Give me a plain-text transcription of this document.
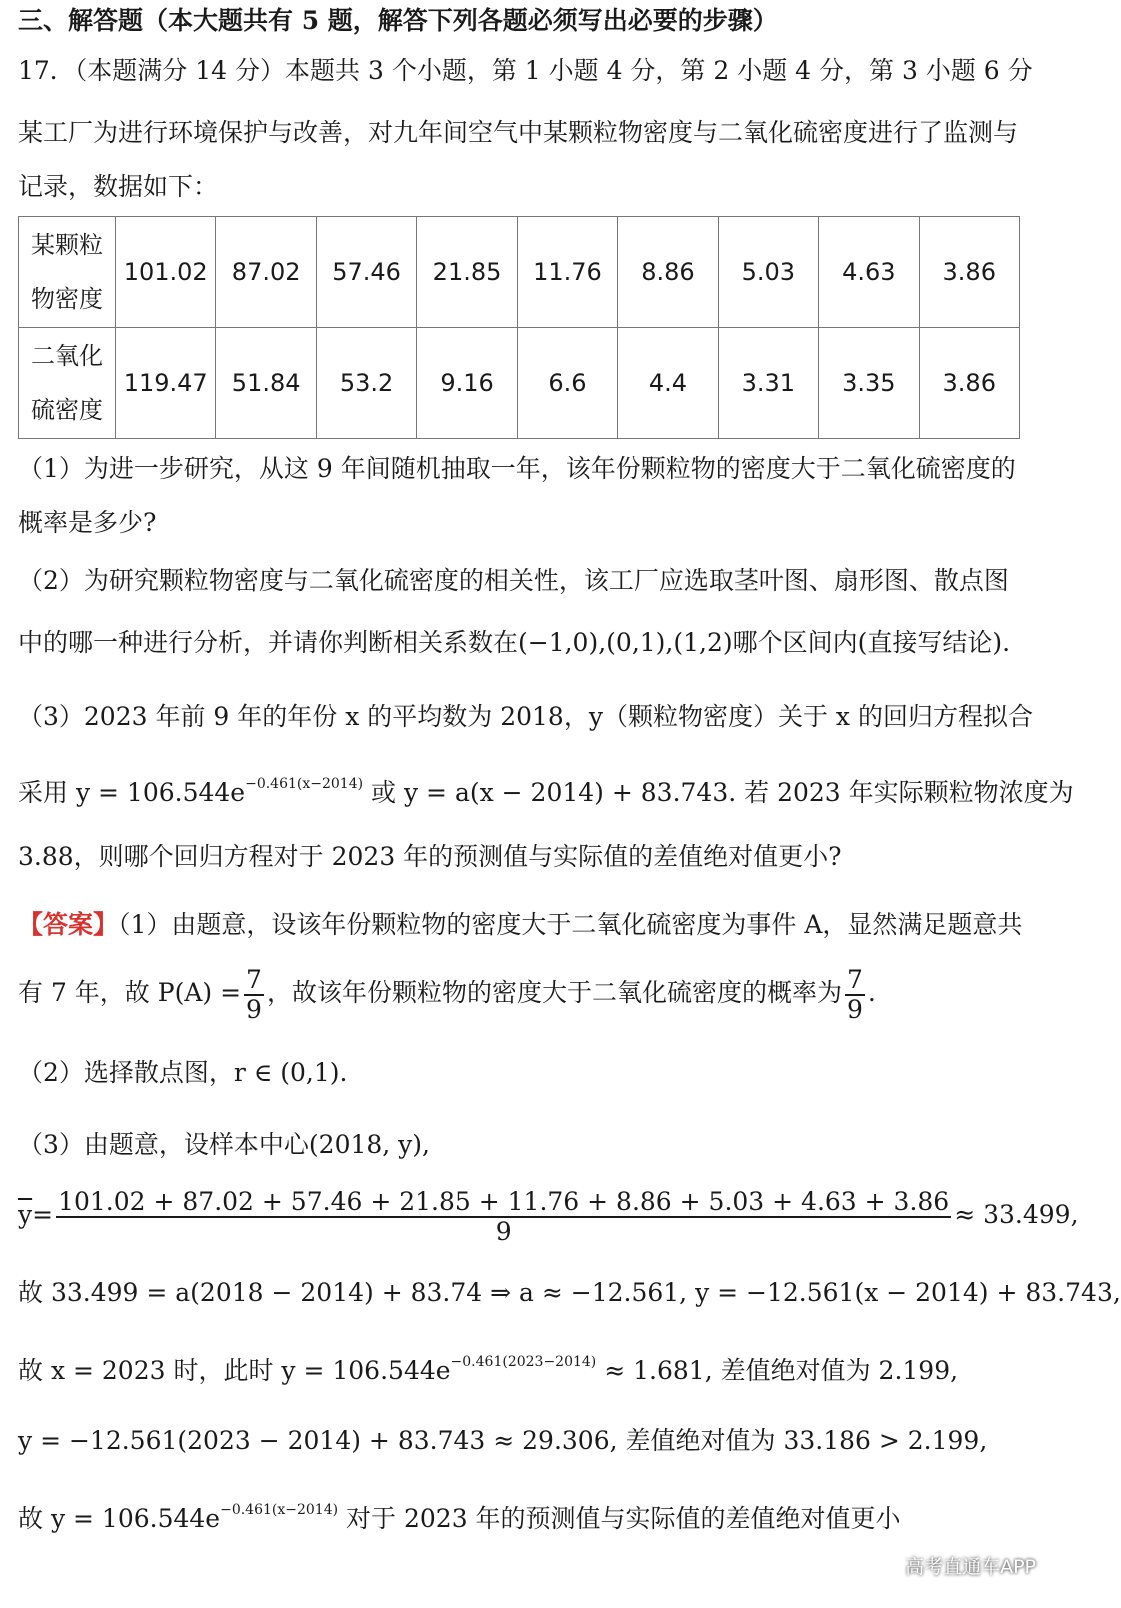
三、解答题（本大题共有 5 题，解答下列各题必须写出必要的步骤）
17．（本题满分 14 分）本题共 3 个小题，第 1 小题 4 分，第 2 小题 4 分，第 3 小题 6 分
某工厂为进行环境保护与改善，对九年间空气中某颗粒物密度与二氧化硫密度进行了监测与
记录，数据如下：
某颗粒
物密度	101.02	87.02	57.46	21.85	11.76	8.86	5.03	4.63	3.86
二氧化
硫密度	119.47	51.84	53.2	9.16	6.6	4.4	3.31	3.35	3.86
（1）为进一步研究，从这 9 年间随机抽取一年，该年份颗粒物的密度大于二氧化硫密度的
概率是多少?
（2）为研究颗粒物密度与二氧化硫密度的相关性，该工厂应选取茎叶图、扇形图、散点图
中的哪一种进行分析，并请你判断相关系数在(−1,0),(0,1),(1,2)哪个区间内(直接写结论).
（3）2023 年前 9 年的年份 x 的平均数为 2018，y（颗粒物密度）关于 x 的回归方程拟合
采用 $y = 106.544e^{-0.461(x-2014)}$ 或 y = a(x − 2014) + 83.743. 若 2023 年实际颗粒物浓度为
3.88，则哪个回归方程对于 2023 年的预测值与实际值的差值绝对值更小?
【答案】（1）由题意，设该年份颗粒物的密度大于二氧化硫密度为事件 A，显然满足题意共
有 7 年，故 $P(A) = \frac{7}{9}$ ，故该年份颗粒物的密度大于二氧化硫密度的概率为 $\frac{7}{9}$ .
（2）选择散点图，r ∈ (0,1).
（3）由题意，设样本中心(2018, y),
$\overline{y}= 101.02 + 87.02 + 57.46 + 21.85 + 11.76 + 8.86 + 5.03 + 4.63 + 3.86$
9
≈ 33.499,
故 33.499 = a(2018 − 2014) + 83.74 ⇒ a ≈ −12.561, y = −12.561(x − 2014) + 83.743,
故 x = 2023 时，此时 $y = 106.544e^{-0.461(2023-2014)} \approx 1.681$, 差值绝对值为 2.199,
y = −12.561(2023 − 2014) + 83.743 ≈ 29.306, 差值绝对值为 33.186 > 2.199,
故 $y = 106.544e^{-0.461(x-2014)}$ 对于 2023 年的预测值与实际值的差值绝对值更小
高考直通车APP
